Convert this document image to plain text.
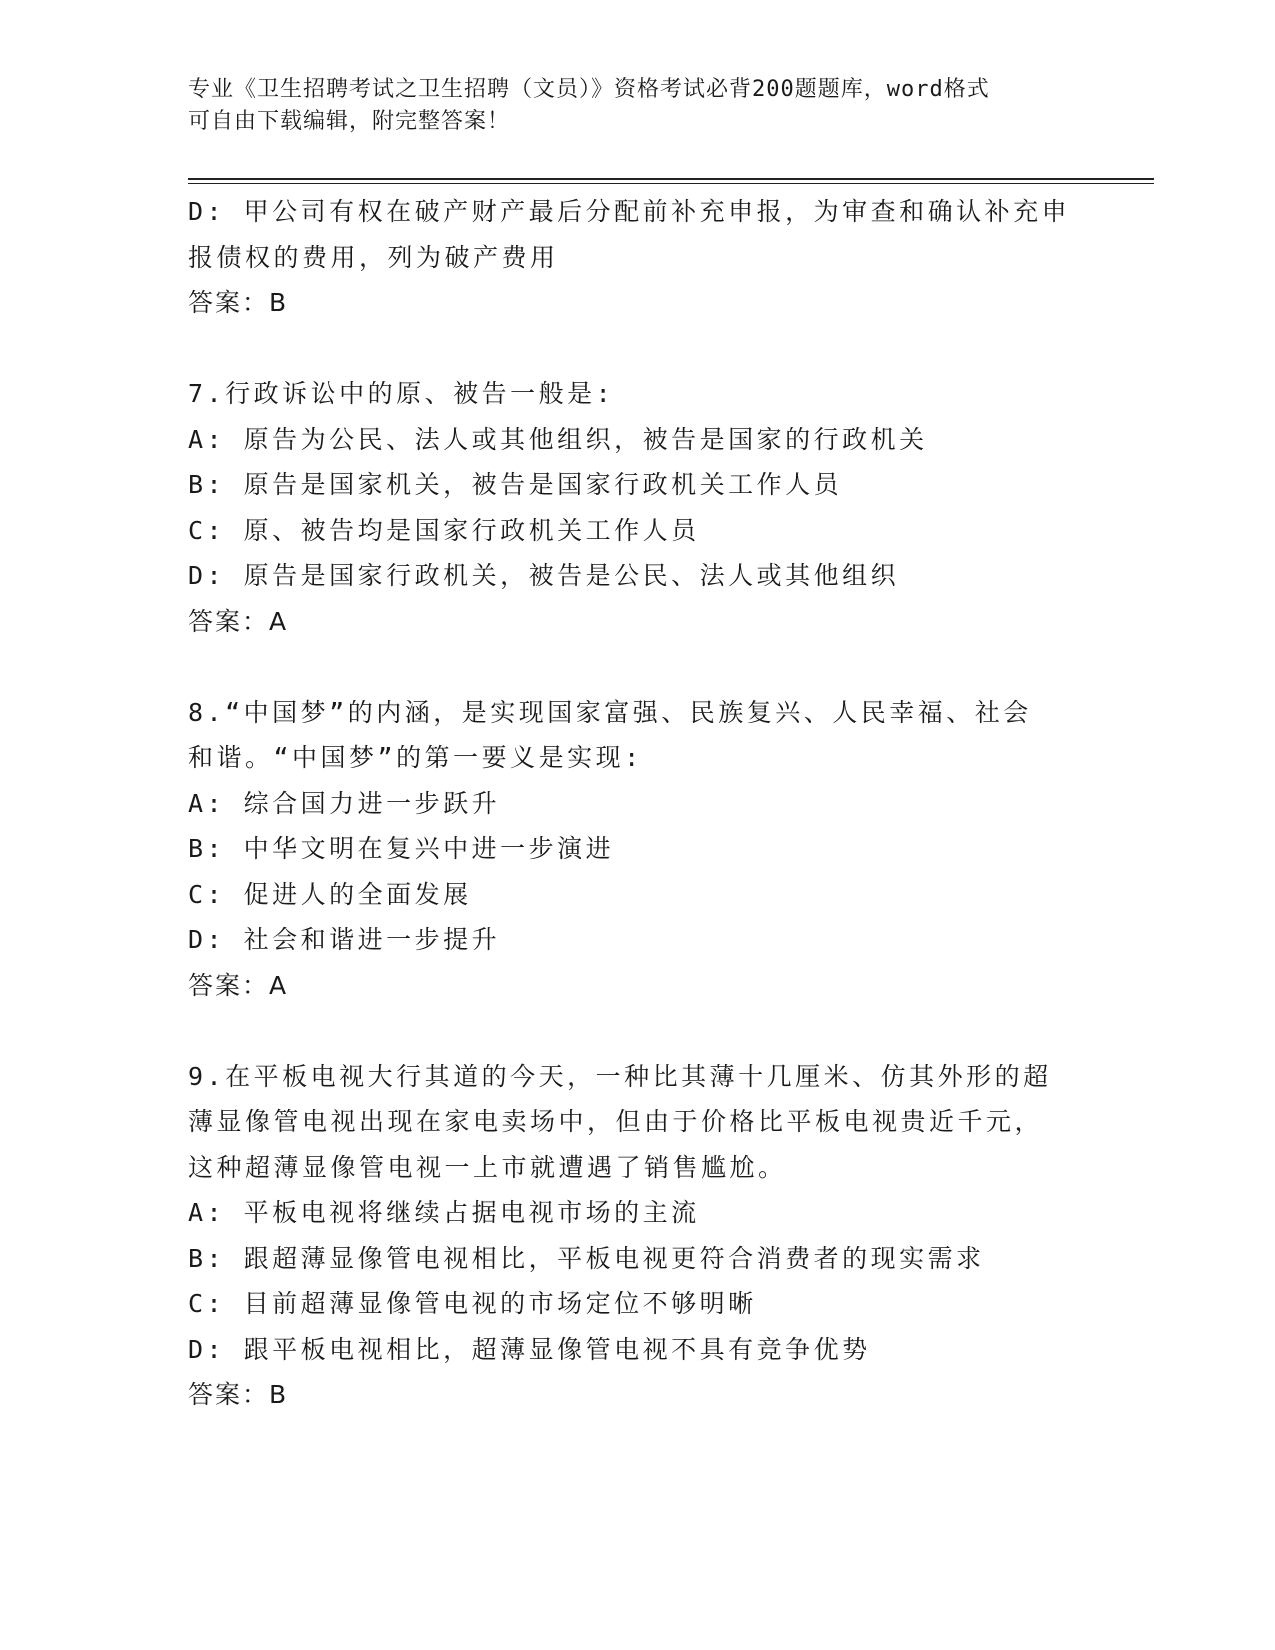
专业《卫生招聘考试之卫生招聘（文员）》资格考试必背200题题库，word格式
可自由下载编辑，附完整答案！
D: 甲公司有权在破产财产最后分配前补充申报，为审查和确认补充申
报债权的费用，列为破产费用
答案：B
7.行政诉讼中的原、被告一般是:
A: 原告为公民、法人或其他组织，被告是国家的行政机关
B: 原告是国家机关，被告是国家行政机关工作人员
C: 原、被告均是国家行政机关工作人员
D: 原告是国家行政机关，被告是公民、法人或其他组织
答案：A
8.“中国梦”的内涵，是实现国家富强、民族复兴、人民幸福、社会
和谐。“中国梦”的第一要义是实现:
A: 综合国力进一步跃升
B: 中华文明在复兴中进一步演进
C: 促进人的全面发展
D: 社会和谐进一步提升
答案：A
9.在平板电视大行其道的今天，一种比其薄十几厘米、仿其外形的超
薄显像管电视出现在家电卖场中，但由于价格比平板电视贵近千元，
这种超薄显像管电视一上市就遭遇了销售尴尬。
A: 平板电视将继续占据电视市场的主流
B: 跟超薄显像管电视相比，平板电视更符合消费者的现实需求
C: 目前超薄显像管电视的市场定位不够明晰
D: 跟平板电视相比，超薄显像管电视不具有竞争优势
答案：B
